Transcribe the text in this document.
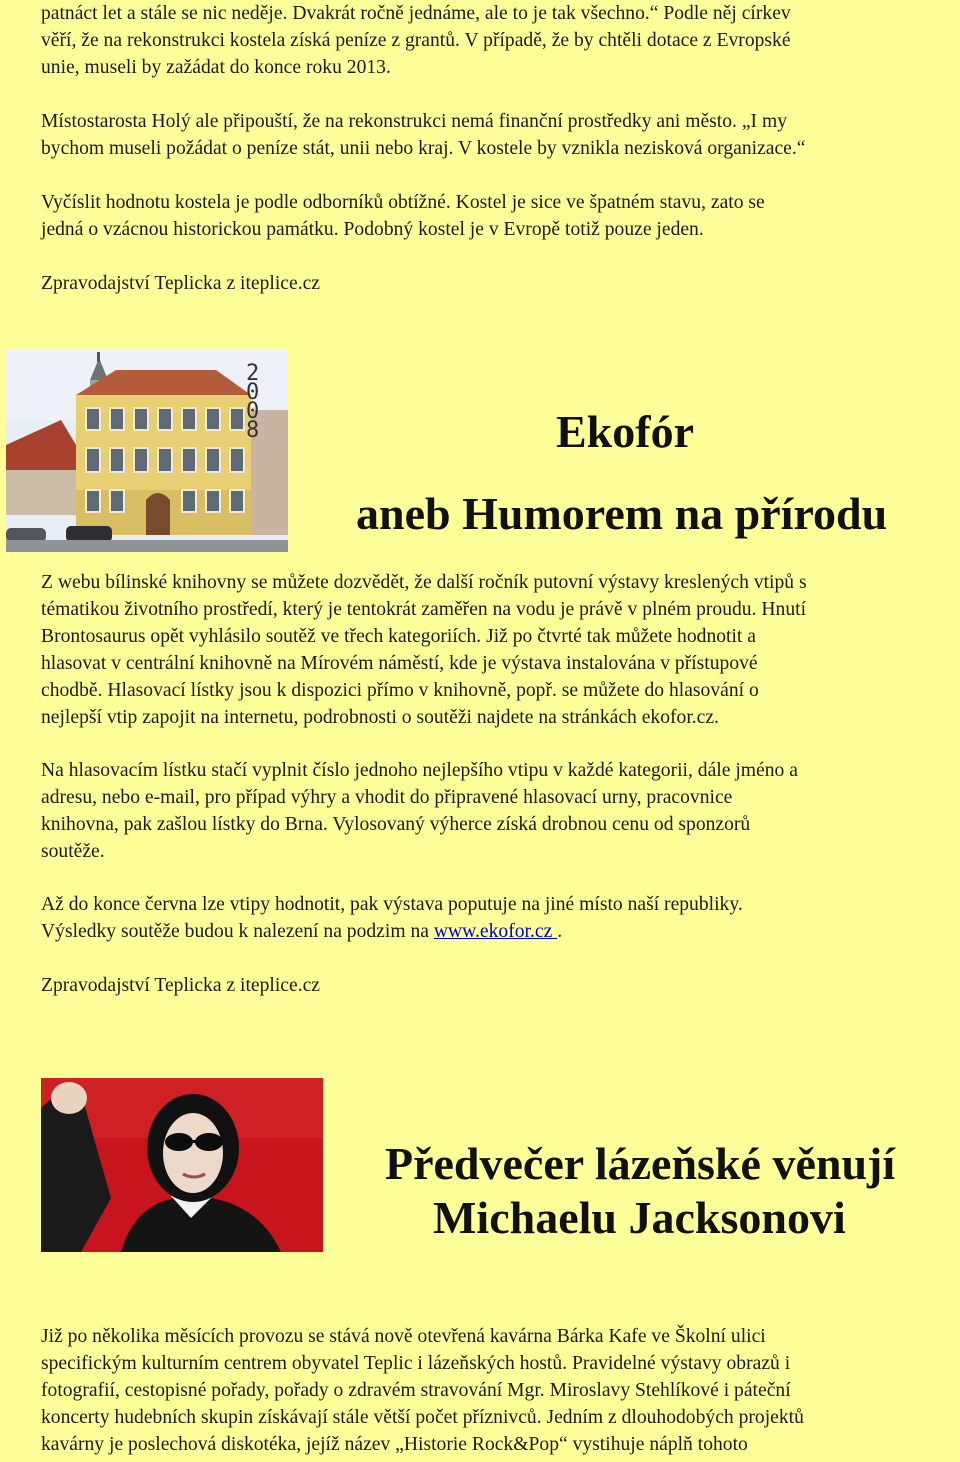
patnáct let a stále se nic neděje. Dvakrát ročně jednáme, ale to je tak všechno.“ Podle něj církev
věří, že na rekonstrukci kostela získá peníze z grantů. V případě, že by chtěli dotace z Evropské
unie, museli by zažádat do konce roku 2013.
Místostarosta Holý ale připouští, že na rekonstrukci nemá finanční prostředky ani město. „I my
bychom museli požádat o peníze stát, unii nebo kraj. V kostele by vznikla nezisková organizace.“
Vyčíslit hodnotu kostela je podle odborníků obtížné. Kostel je sice ve špatném stavu, zato se
jedná o vzácnou historickou památku. Podobný kostel je v Evropě totiž pouze jeden.
Zpravodajství Teplicka z iteplice.cz
2008	Ekofór
aneb Humorem na přírodu
Z webu bílinské knihovny se můžete dozvědět, že další ročník putovní výstavy kreslených vtipů s
tématikou životního prostředí, který je tentokrát zaměřen na vodu je právě v plném proudu. Hnutí
Brontosaurus opět vyhlásilo soutěž ve třech kategoriích. Již po čtvrté tak můžete hodnotit a
hlasovat v centrální knihovně na Mírovém náměstí, kde je výstava instalována v přístupové
chodbě. Hlasovací lístky jsou k dispozici přímo v knihovně, popř. se můžete do hlasování o
nejlepší vtip zapojit na internetu, podrobnosti o soutěži najdete na stránkách ekofor.cz.
Na hlasovacím lístku stačí vyplnit číslo jednoho nejlepšího vtipu v každé kategorii, dále jméno a
adresu, nebo e-mail, pro případ výhry a vhodit do připravené hlasovací urny, pracovnice
knihovna, pak zašlou lístky do Brna. Vylosovaný výherce získá drobnou cenu od sponzorů
soutěže.
Až do konce června lze vtipy hodnotit, pak výstava poputuje na jiné místo naší republiky.
Výsledky soutěže budou k nalezení na podzim na www.ekofor.cz .
Zpravodajství Teplicka z iteplice.cz
Předvečer lázeňské věnují
Michaelu Jacksonovi
Již po několika měsících provozu se stává nově otevřená kavárna Bárka Kafe ve Školní ulici
specifickým kulturním centrem obyvatel Teplic i lázeňských hostů. Pravidelné výstavy obrazů i
fotografií, cestopisné pořady, pořady o zdravém stravování Mgr. Miroslavy Stehlíkové i páteční
koncerty hudebních skupin získávají stále větší počet příznivců. Jedním z dlouhodobých projektů
kavárny je poslechová diskotéka, jejíž název „Historie Rock&Pop“ vystihuje náplň tohoto
